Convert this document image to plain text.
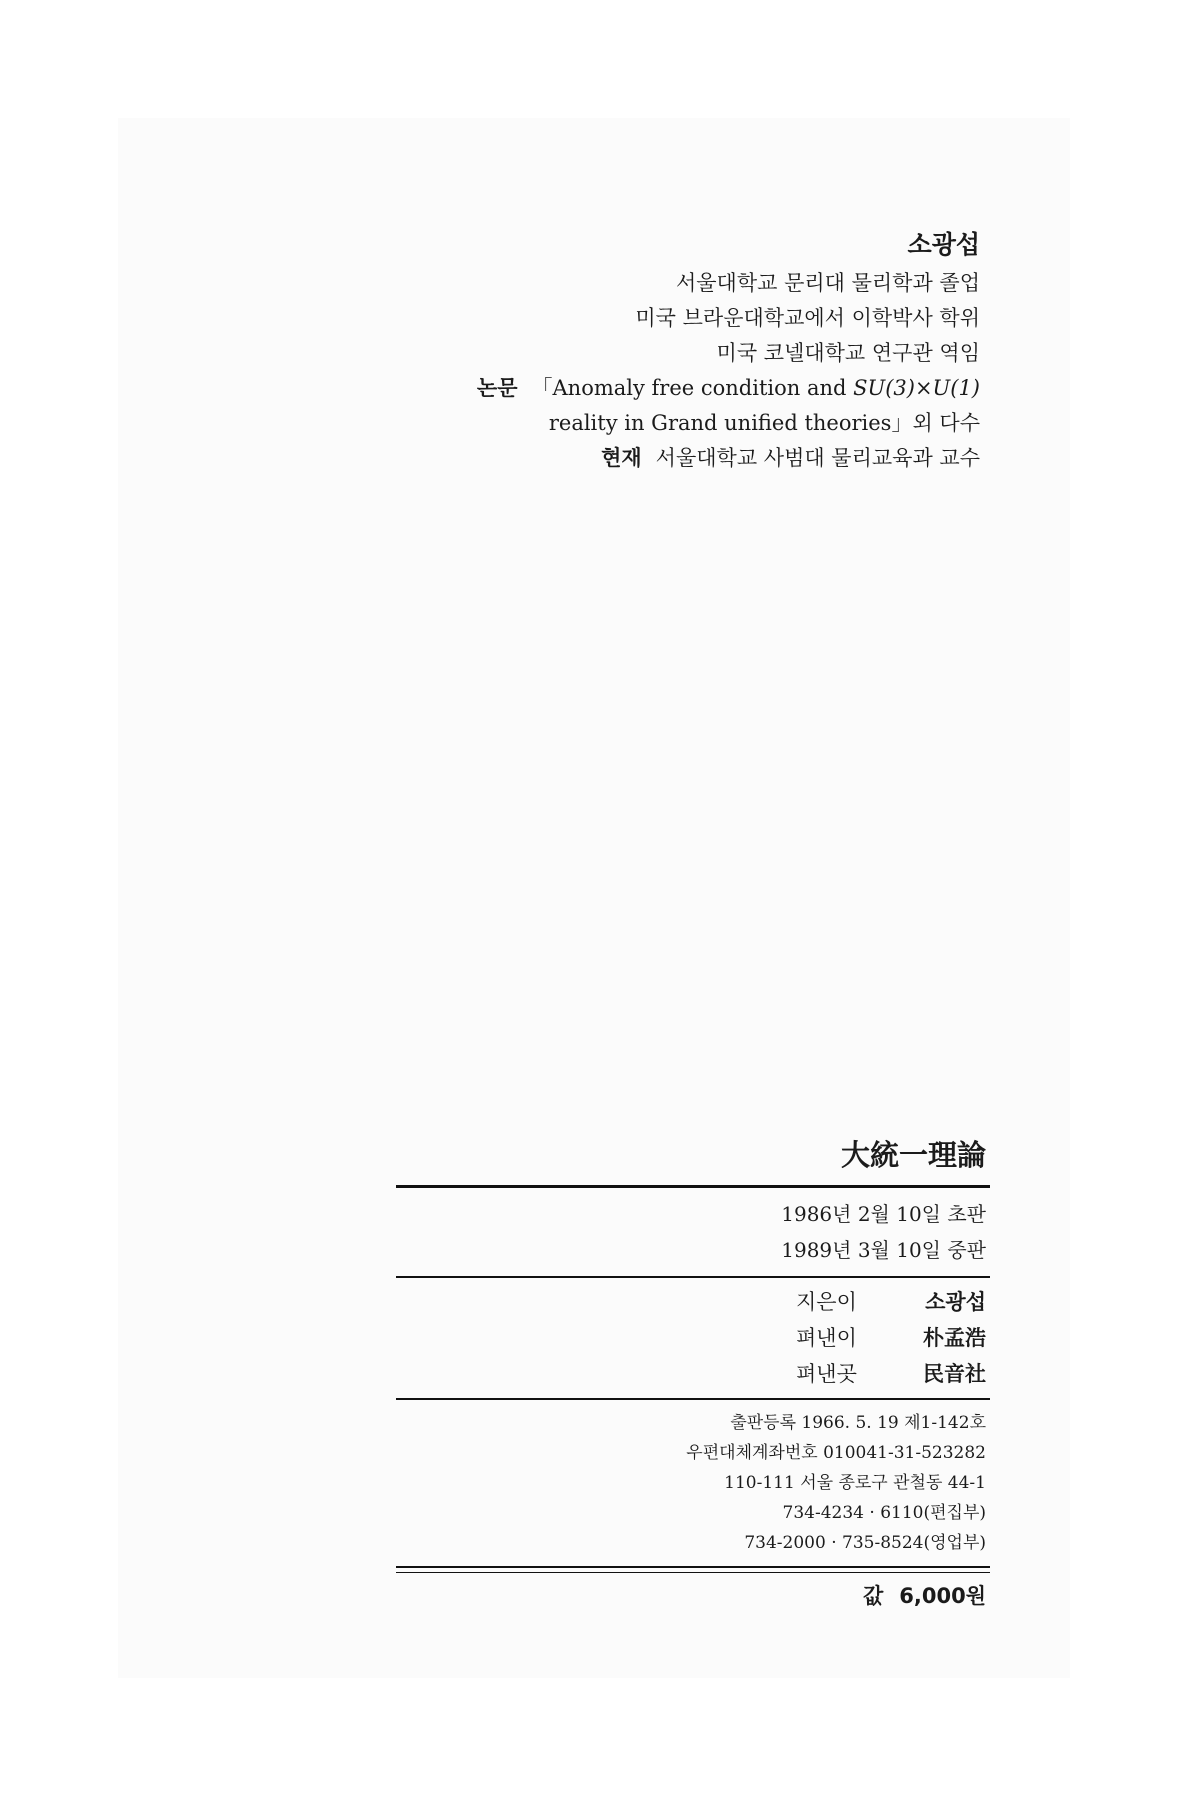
소광섭
서울대학교 문리대 물리학과 졸업
미국 브라운대학교에서 이학박사 학위
미국 코넬대학교 연구관 역임
논문 「Anomaly free condition and SU(3)×U(1)
reality in Grand unified theories」외 다수
현재 서울대학교 사범대 물리교육과 교수
大統一理論
1986년 2월 10일 초판
1989년 3월 10일 중판
지은이	소광섭
펴낸이	朴孟浩
펴낸곳	民音社
출판등록 1966. 5. 19 제1-142호
우편대체계좌번호 010041-31-523282
110-111 서울 종로구 관철동 44-1
734-4234 · 6110(편집부)
734-2000 · 735-8524(영업부)
값 6,000원
